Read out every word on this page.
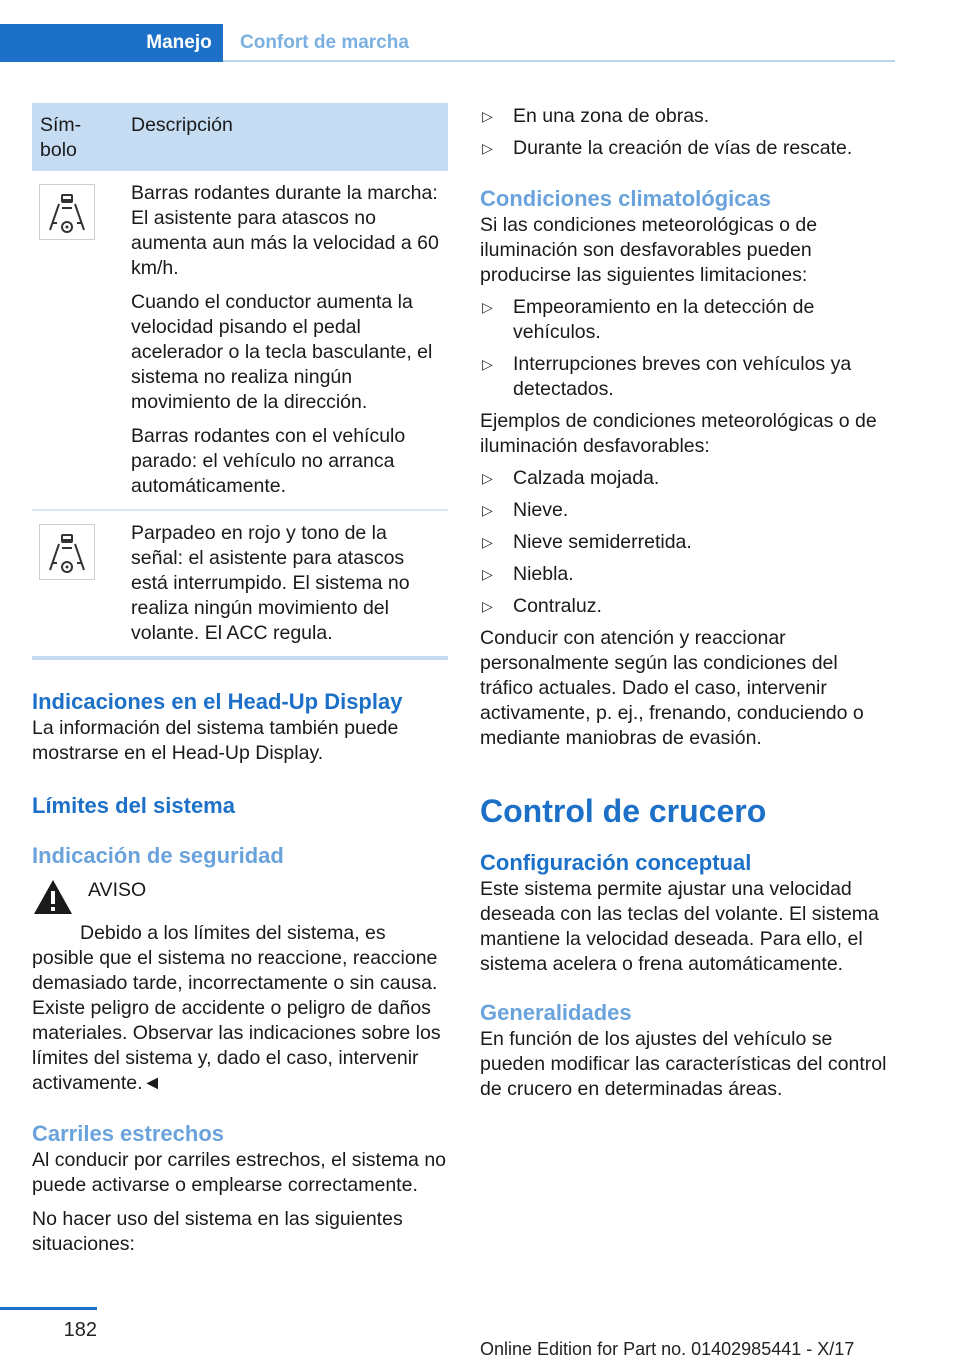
Manejo	Confort de marcha
Sím-
bolo	Descripción

Barras rodantes durante la marcha: El asistente para atascos no aumenta aun más la velocidad a 60 km/h.

Cuando el conductor aumenta la velocidad pisando el pedal acelerador o la tecla basculante, el sistema no realiza ningún movimiento de la dirección.

Barras rodantes con el vehículo parado: el vehículo no arranca automáticamente.

Parpadeo en rojo y tono de la señal: el asistente para atascos está interrumpido. El sistema no realiza ningún movimiento del volante. El ACC regula.

Indicaciones en el Head-Up Display

La información del sistema también puede mostrarse en el Head-Up Display.

Límites del sistema
Indicación de seguridad

AVISO

Debido a los límites del sistema, es posible que el sistema no reaccione, reaccione demasiado tarde, incorrectamente o sin causa. Existe peligro de accidente o peligro de daños materiales. Observar las indicaciones sobre los límites del sistema y, dado el caso, intervenir activamente.◄

Carriles estrechos

Al conducir por carriles estrechos, el sistema no puede activarse o emplearse correctamente.

No hacer uso del sistema en las siguientes situaciones:

▷ En una zona de obras.
▷ Durante la creación de vías de rescate.
Condiciones climatológicas

Si las condiciones meteorológicas o de iluminación son desfavorables pueden producirse las siguientes limitaciones:

▷ Empeoramiento en la detección de vehículos.
▷ Interrupciones breves con vehículos ya detectados.

Ejemplos de condiciones meteorológicas o de iluminación desfavorables:

▷ Calzada mojada.
▷ Nieve.
▷ Nieve semiderretida.
▷ Niebla.
▷ Contraluz.

Conducir con atención y reaccionar personalmente según las condiciones del tráfico actuales. Dado el caso, intervenir activamente, p. ej., frenando, conduciendo o mediante maniobras de evasión.

Control de crucero
Configuración conceptual

Este sistema permite ajustar una velocidad deseada con las teclas del volante. El sistema mantiene la velocidad deseada. Para ello, el sistema acelera o frena automáticamente.

Generalidades

En función de los ajustes del vehículo se pueden modificar las características del control de crucero en determinadas áreas.

182
Online Edition for Part no. 01402985441 - X/17
